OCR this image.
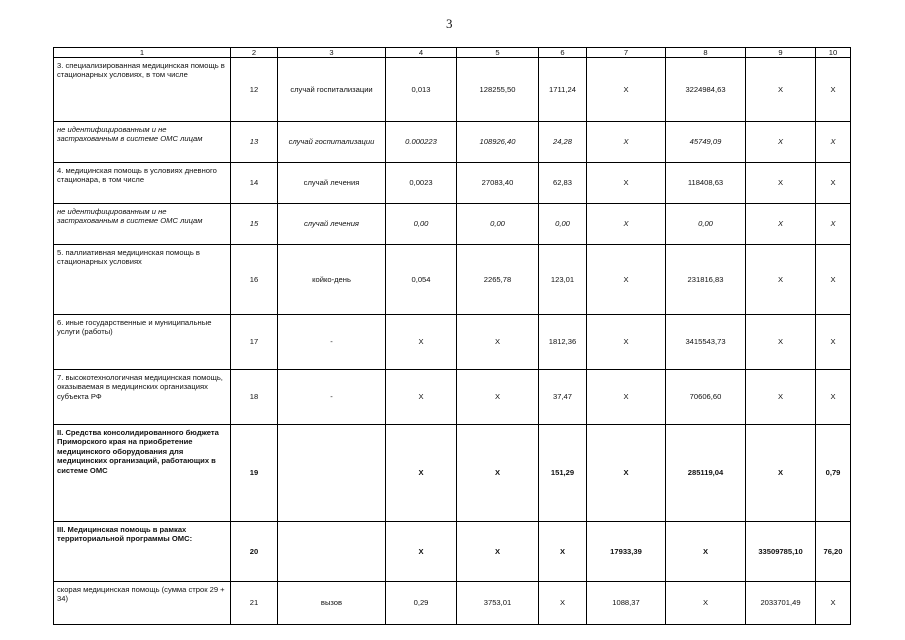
3
1	2	3	4	5	6	7	8	9	10
3. специализированная медицинская помощь в стационарных условиях, в том числе	12	случай госпитализации	0,013	128255,50	1711,24	Х	3224984,63	Х	Х
не идентифицированным и не застрахованным в системе ОМС лицам	13	случай госпитализации	0.000223	108926,40	24,28	Х	45749,09	Х	Х
4. медицинская помощь в условиях дневного стационара, в том числе	14	случай лечения	0,0023	27083,40	62,83	Х	118408,63	Х	Х
не идентифицированным и не застрахованным в системе ОМС лицам	15	случай лечения	0,00	0,00	0,00	Х	0,00	Х	Х
5. паллиативная медицинская помощь в стационарных условиях	16	койко-день	0,054	2265,78	123,01	Х	231816,83	Х	Х
6. иные государственные и муниципальные услуги (работы)	17	-	Х	Х	1812,36	Х	3415543,73	Х	Х
7. высокотехнологичная медицинская помощь, оказываемая в медицинских организациях субъекта РФ	18	-	Х	Х	37,47	Х	70606,60	Х	Х
II. Средства консолидированного бюджета Приморского края на приобретение медицинского оборудования для медицинских организаций, работающих в системе ОМС	19		Х	Х	151,29	Х	285119,04	Х	0,79
III. Медицинская помощь в рамках территориальной программы ОМС:	20		Х	Х	Х	17933,39	Х	33509785,10	76,20
скорая медицинская помощь (сумма строк 29 + 34)	21	вызов	0,29	3753,01	Х	1088,37	Х	2033701,49	Х
